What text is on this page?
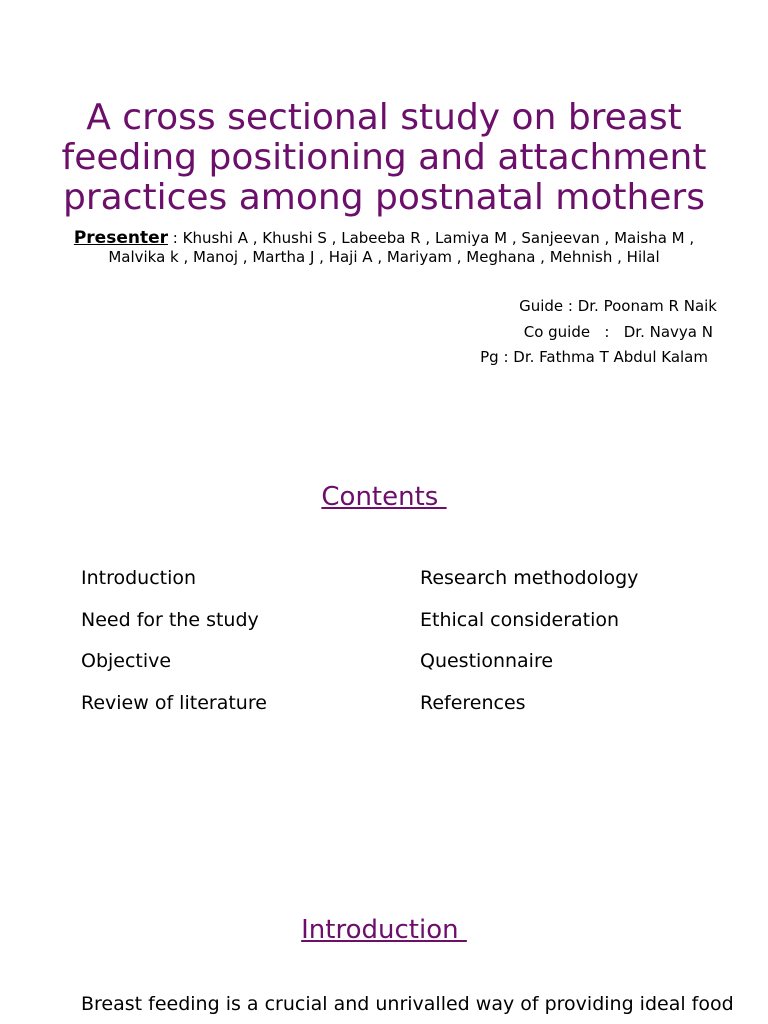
A cross sectional study on breast
feeding positioning and attachment
practices among postnatal mothers
Presenter : Khushi A , Khushi S , Labeeba R , Lamiya M , Sanjeevan , Maisha M ,
Malvika k , Manoj , Martha J , Haji A , Mariyam , Meghana , Mehnish , Hilal
Guide : Dr. Poonam R Naik
Co guide   :   Dr. Navya N
Pg : Dr. Fathma T Abdul Kalam
Contents
Introduction
Need for the study
Objective
Review of literature
Research methodology
Ethical consideration
Questionnaire
References
Introduction
Breast feeding is a crucial and unrivalled way of providing ideal food
